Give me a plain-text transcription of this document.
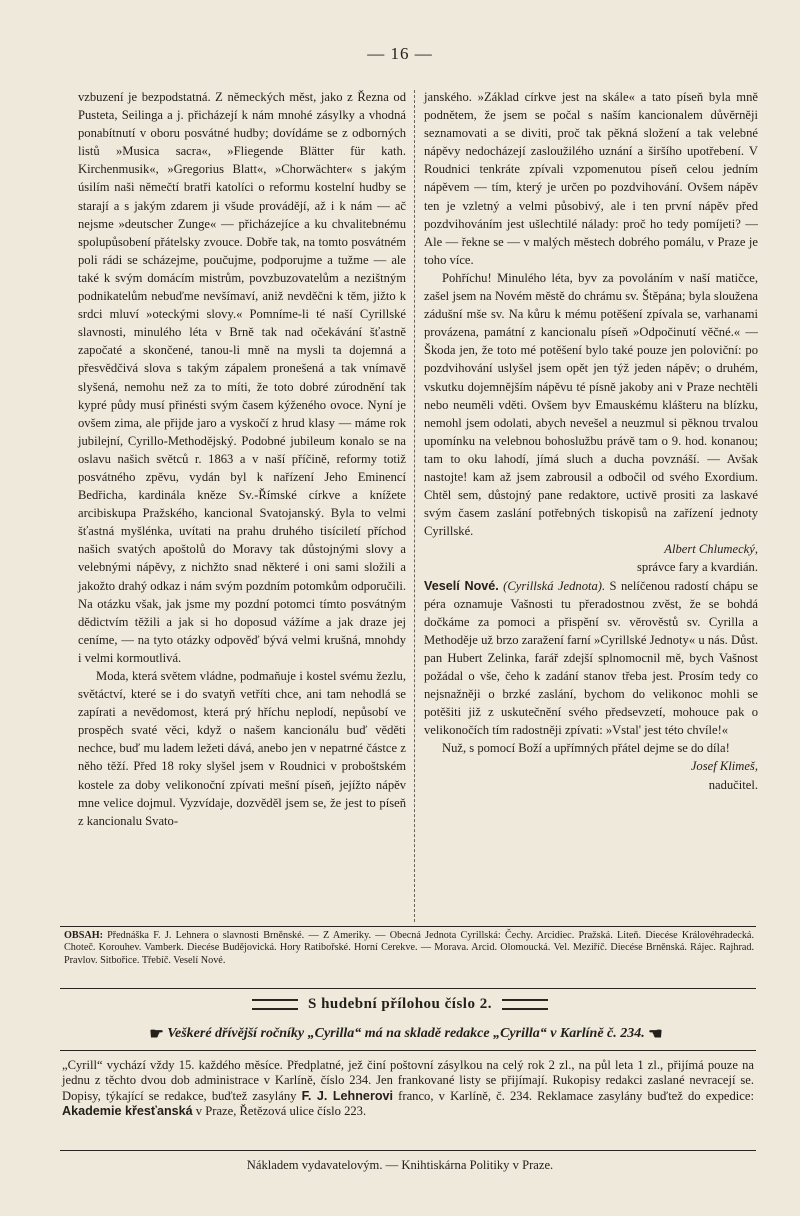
— 16 —

vzbuzení je bezpodstatná. Z německých měst, jako z Řezna od Pusteta, Seilinga a j. přicházejí k nám mnohé zásylky a vhodná ponabítnutí v oboru posvátné hudby; dovídáme se z odborných listů »Musica sacra«, »Fliegende Blätter für kath. Kirchenmusik«, »Gregorius Blatt«, »Chorwächter« s jakým úsilím naši němečtí bratři katolíci o reformu kostelní hudby se starají a s jakým zdarem ji všude provádějí, až i k nám — ač nejsme »deutscher Zunge« — přicházejíce a ku chvalitebnému spolupůsobení přátelsky zvouce. Dobře tak, na tomto posvátném poli rádi se scházejme, poučujme, podporujme a tužme — ale také k svým domácím mistrům, povzbuzovatelům a nezištným podnikatelům nebuďme nevšímaví, aniž nevděčni k těm, jižto k srdci mluví »oteckými slovy.« Pomníme-li té naší Cyrillské slavnosti, minulého léta v Brně tak nad očekávání šťastně započaté a skončené, tanou-li mně na mysli ta dojemná a přesvědčivá slova s takým zápalem pronešená a tak vnímavě slyšená, nemohu než za to míti, že toto dobré zúrodnění tak kypré půdy musí přinésti svým časem kýženého ovoce. Nyní je ovšem zima, ale přijde jaro a vyskočí z hrud klasy — máme rok jubilejní, Cyrillo-Methodějský. Podobné jubileum konalo se na oslavu našich světců r. 1863 a v naší příčině, reformy totiž posvátného zpěvu, vydán byl k nařízení Jeho Eminencí Bedřicha, kardinála kněze Sv.-Římské církve a knížete arcibiskupa Pražského, kancional Svatojanský. Byla to velmi šťastná myšlénka, uvítati na prahu druhého tisíciletí příchod našich svatých apoštolů do Moravy tak důstojnými slovy a velebnými nápěvy, z nichžto snad některé i oni sami složili a jakožto drahý odkaz i nám svým pozdním potomkům odporučili. Na otázku však, jak jsme my pozdní potomci tímto posvátným dědictvím těžili a jak si ho doposud vážíme a jak draze jej ceníme, — na tyto otázky odpověď bývá velmi krušná, mnohdy i velmi kormoutlivá.

Moda, která světem vládne, podmaňuje i kostel svému žezlu, světáctví, které se i do svatyň vetříti chce, ani tam nehodlá se zapírati a nevědomost, která prý hříchu neplodí, nepůsobí ve prospěch svaté věci, když o našem kancionálu buď věděti nechce, buď mu ladem ležeti dává, anebo jen v nepatrné částce z něho těží. Před 18 roky slyšel jsem v Roudnici v proboštském kostele za doby velikonoční zpívati mešní píseň, jejížto nápěv mne velice dojmul. Vyzvídaje, dozvěděl jsem se, že jest to píseň z kancionalu Svato-

janského. »Základ církve jest na skále« a tato píseň byla mně podnětem, že jsem se počal s naším kancionalem důvěrněji seznamovati a se diviti, proč tak pěkná složení a tak velebné nápěvy nedocházejí zasloužilého uznání a širšího upotřebení. V Roudnici tenkráte zpívali vzpomenutou píseň celou jedním nápěvem — tím, který je určen po pozdvihování. Ovšem nápěv ten je vzletný a velmi působivý, ale i ten první nápěv před pozdvihováním jest ušlechtilé nálady: proč ho tedy pomíjeti? — Ale — řekne se — v malých městech dobrého pomálu, v Praze je toho více.

Pohříchu! Minulého léta, byv za povoláním v naší matičce, zašel jsem na Novém městě do chrámu sv. Štěpána; byla sloužena zádušní mše sv. Na kůru k mému potěšení zpívala se, varhanami provázena, památní z kancionalu píseň »Odpočinutí věčné.« — Škoda jen, že toto mé potěšení bylo také pouze jen poloviční: po pozdvihování uslyšel jsem opět jen týž jeden nápěv; o druhém, vskutku dojemnějším nápěvu té písně jakoby ani v Praze nechtěli nebo neuměli vděti. Ovšem byv Emauskému klášteru na blízku, nemohl jsem odolati, abych nevešel a neuzmul si pěknou trvalou upomínku na velebnou bohoslužbu právě tam o 9. hod. konanou; tam to oku lahodí, jímá sluch a ducha povznáší. — Avšak nastojte! kam až jsem zabrousil a odbočil od svého Exordium. Chtěl sem, důstojný pane redaktore, uctivě prositi za laskavé svým časem zaslání potřebných tiskopisů na zařízení jednoty Cyrillské.

Albert Chlumecký,

správce fary a kvardián.

Veselí Nové. (Cyrillská Jednota). S nelíčenou radostí chápu se péra oznamuje Vašnosti tu přeradostnou zvěst, že se bohdá dočkáme za pomoci a přispění sv. věrověstů sv. Cyrilla a Methoděje už brzo zaražení farní »Cyrillské Jednoty« u nás. Důst. pan Hubert Zelinka, farář zdejší splnomocnil mě, bych Vašnost požádal o vše, čeho k zadání stanov třeba jest. Prosím tedy co nejsnažněji o brzké zaslání, bychom do velikonoc mohli se potěšiti již z uskutečnění svého předsevzetí, mohouce pak o velikonočích tím radostněji zpívati: »Vstal' jest této chvíle!«

Nuž, s pomocí Boží a upřímných přátel dejme se do díla!

Josef Klimeš,

nadučitel.

OBSAH: Přednáška F. J. Lehnera o slavnosti Brněnské. — Z Ameriky. — Obecná Jednota Cyrillská: Čechy. Arcidiec. Pražská. Liteň. Diecése Královéhradecká. Choteč. Korouhev. Vamberk. Diecése Budějovická. Hory Ratibořské. Horní Cerekve. — Morava. Arcid. Olomoucká. Vel. Meziříč. Diecése Brněnská. Rájec. Rajhrad. Pravlov. Sitbořice. Třebíč. Veselí Nové.
S hudební přílohou číslo 2.
☛ Veškeré dřívější ročníky „Cyrilla“ má na skladě redakce „Cyrilla“ v Karlíně č. 234. ☚
„Cyrill“ vychází vždy 15. každého měsíce. Předplatné, jež činí poštovní zásylkou na celý rok 2 zl., na půl leta 1 zl., přijímá pouze na jednu z těchto dvou dob administrace v Karlíně, číslo 234. Jen frankované listy se přijímají. Rukopisy redakci zaslané nevracejí se. Dopisy, týkající se redakce, buďtež zasylány F. J. Lehnerovi franco, v Karlíně, č. 234. Reklamace zasylány buďtež do expedice: Akademie křesťanská v Praze, Řetězová ulice číslo 223.
Nákladem vydavatelovým. — Knihtiskárna Politiky v Praze.
